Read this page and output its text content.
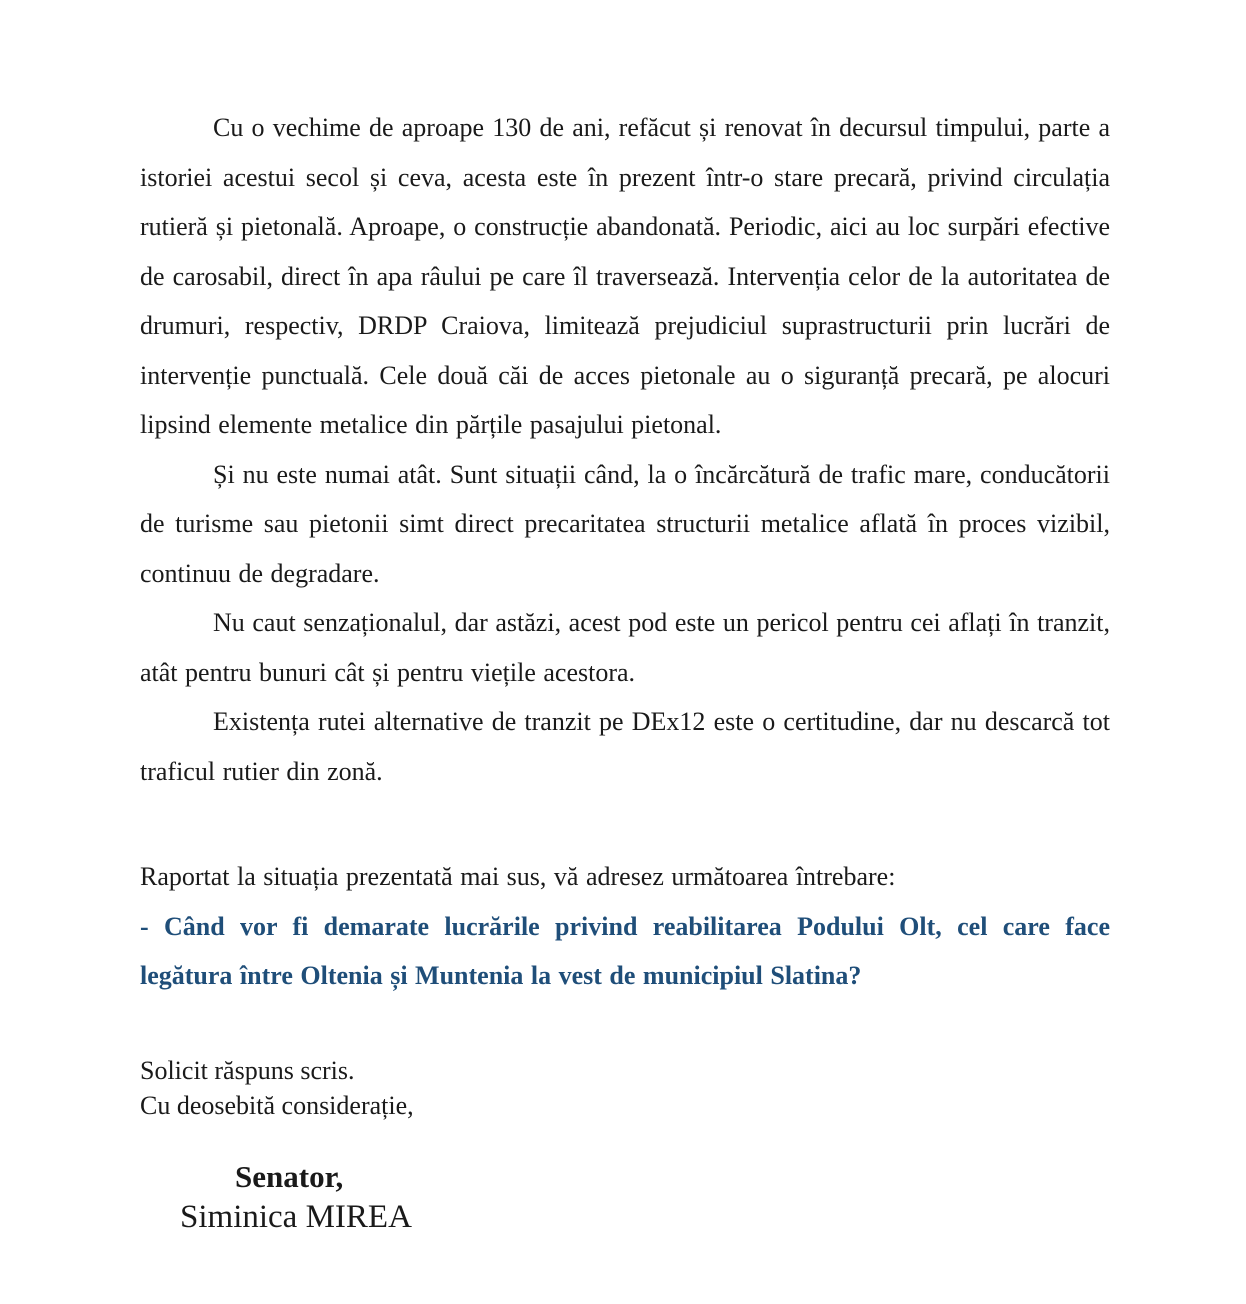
Cu o vechime de aproape 130 de ani, refăcut și renovat în decursul timpului, parte a istoriei acestui secol și ceva, acesta este în prezent într-o stare precară, privind circulația rutieră și pietonală. Aproape, o construcție abandonată. Periodic, aici au loc surpări efective de carosabil, direct în apa râului pe care îl traversează. Intervenția celor de la autoritatea de drumuri, respectiv, DRDP Craiova, limitează prejudiciul suprastructurii prin lucrări de intervenție punctuală. Cele două căi de acces pietonale au o siguranță precară, pe alocuri lipsind elemente metalice din părțile pasajului pietonal.

Și nu este numai atât. Sunt situații când, la o încărcătură de trafic mare, conducătorii de turisme sau pietonii simt direct precaritatea structurii metalice aflată în proces vizibil, continuu de degradare.

Nu caut senzaționalul, dar astăzi, acest pod este un pericol pentru cei aflați în tranzit, atât pentru bunuri cât și pentru viețile acestora.

Existența rutei alternative de tranzit pe DEx12 este o certitudine, dar nu descarcă tot traficul rutier din zonă.

Raportat la situația prezentată mai sus, vă adresez următoarea întrebare:

- Când vor fi demarate lucrările privind reabilitarea Podului Olt, cel care face legătura între Oltenia și Muntenia la vest de municipiul Slatina?

Solicit răspuns scris.
Cu deosebită considerație,
Senator,
Siminica MIREA
